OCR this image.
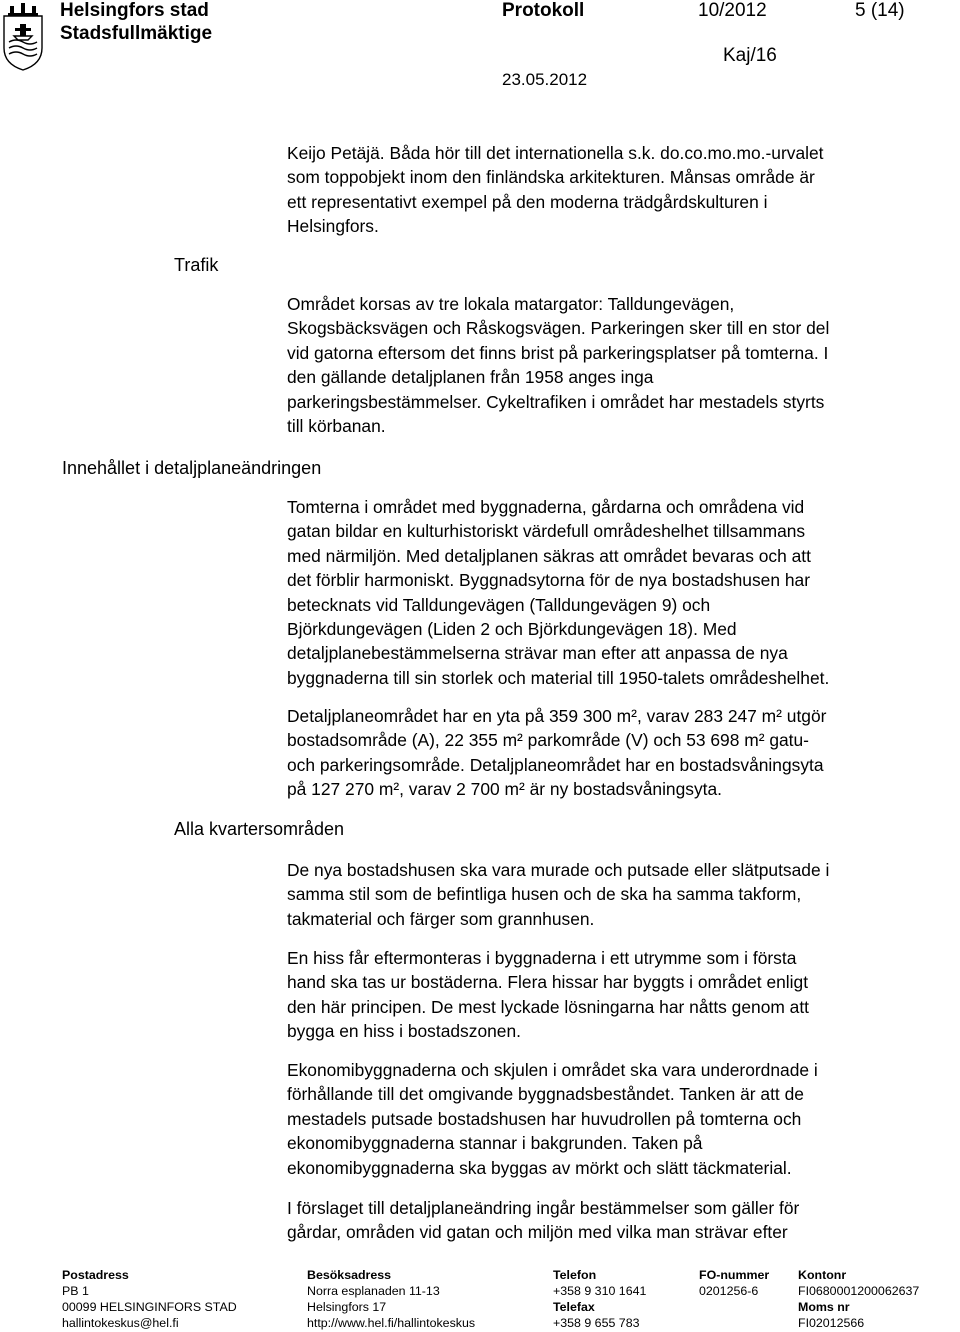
Helsingfors stad
Stadsfullmäktige
Protokoll	10/2012	5 (14)
Kaj/16
23.05.2012
Trafik
Innehållet i detaljplaneändringen
Alla kvartersområden
Keijo Petäjä. Båda hör till det internationella s.k. do.co.mo.mo.-urvalet
som toppobjekt inom den finländska arkitekturen. Månsas område är
ett representativt exempel på den moderna trädgårdskulturen i
Helsingfors.
Området korsas av tre lokala matargator: Talldungevägen,
Skogsbäcksvägen och Råskogsvägen. Parkeringen sker till en stor del
vid gatorna eftersom det finns brist på parkeringsplatser på tomterna. I
den gällande detaljplanen från 1958 anges inga
parkeringsbestämmelser. Cykeltrafiken i området har mestadels styrts
till körbanan.
Tomterna i området med byggnaderna, gårdarna och områdena vid
gatan bildar en kulturhistoriskt värdefull områdeshelhet tillsammans
med närmiljön. Med detaljplanen säkras att området bevaras och att
det förblir harmoniskt. Byggnadsytorna för de nya bostadshusen har
betecknats vid Talldungevägen (Talldungevägen 9) och
Björkdungevägen (Liden 2 och Björkdungevägen 18). Med
detaljplanebestämmelserna strävar man efter att anpassa de nya
byggnaderna till sin storlek och material till 1950-talets områdeshelhet.
Detaljplaneområdet har en yta på 359 300 m², varav 283 247 m² utgör
bostadsområde (A), 22 355 m² parkområde (V) och 53 698 m² gatu-
och parkeringsområde. Detaljplaneområdet har en bostadsvåningsyta
på 127 270 m², varav 2 700 m² är ny bostadsvåningsyta.
De nya bostadshusen ska vara murade och putsade eller slätputsade i
samma stil som de befintliga husen och de ska ha samma takform,
takmaterial och färger som grannhusen.
En hiss får eftermonteras i byggnaderna i ett utrymme som i första
hand ska tas ur bostäderna. Flera hissar har byggts i området enligt
den här principen. De mest lyckade lösningarna har nåtts genom att
bygga en hiss i bostadszonen.
Ekonomibyggnaderna och skjulen i området ska vara underordnade i
förhållande till det omgivande byggnadsbeståndet. Tanken är att de
mestadels putsade bostadshusen har huvudrollen på tomterna och
ekonomibyggnaderna stannar i bakgrunden. Taken på
ekonomibyggnaderna ska byggas av mörkt och slätt täckmaterial.
I förslaget till detaljplaneändring ingår bestämmelser som gäller för
gårdar, områden vid gatan och miljön med vilka man strävar efter
Postadress
PB 1
00099 HELSINGINFORS STAD
hallintokeskus@hel.fi
Besöksadress
Norra esplanaden 11-13
Helsingfors 17
http://www.hel.fi/hallintokeskus
Telefon
+358 9 310 1641
Telefax
+358 9 655 783
FO-nummer
0201256-6
Kontonr
FI0680001200062637
Moms nr
FI02012566
